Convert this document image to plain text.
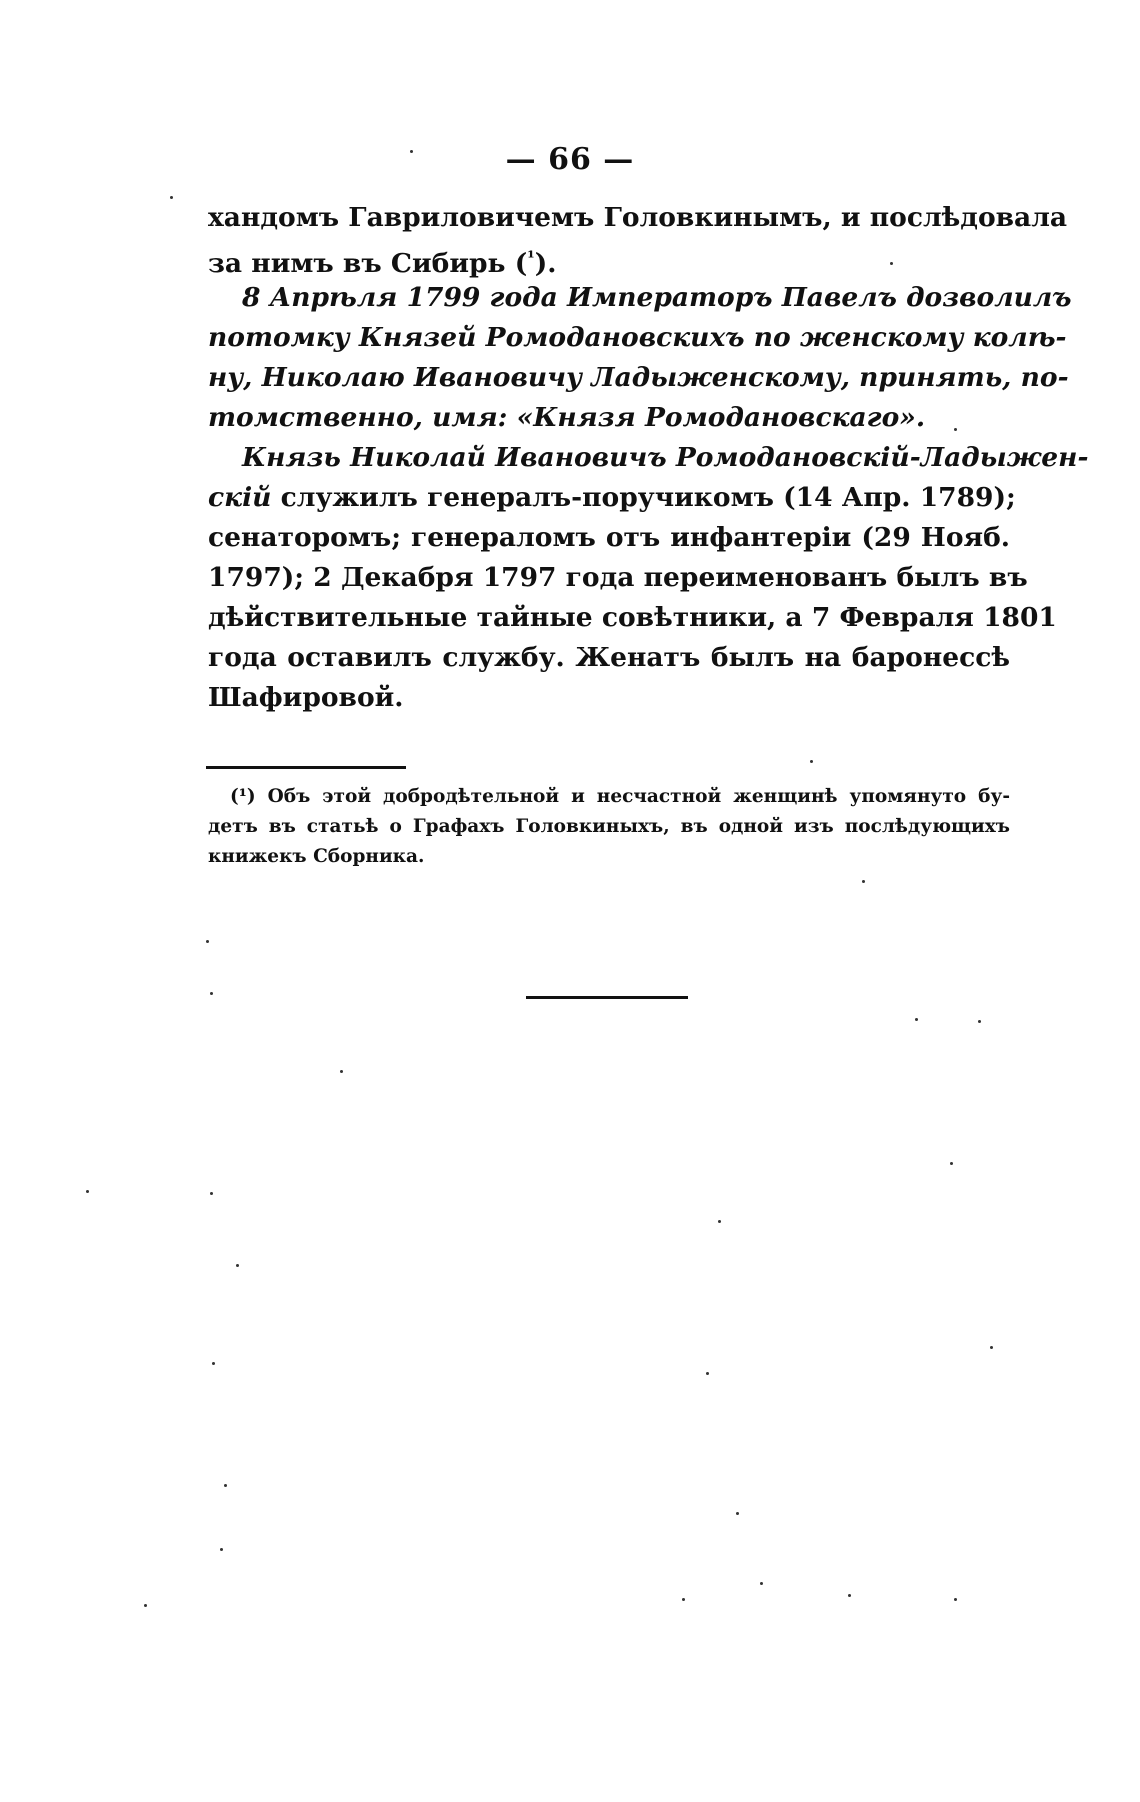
— 66 —
хандомъ Гавриловичемъ Головкинымъ, и послѣдовала
за нимъ въ Сибирь ($^{^1}$).
8 Апрѣля 1799 года Императоръ Павелъ дозволилъ
потомку Князей Ромодановскихъ по женскому колѣ-
ну, Николаю Ивановичу Ладыженскому, принять, по-
томственно, имя: «Князя Ромодановскаго».
Князь Николай Ивановичъ Ромодановскій-Ладыжен-
скій служилъ генералъ-поручикомъ (14 Апр. 1789);
сенаторомъ; генераломъ отъ инфантеріи (29 Нояб.
1797); 2 Декабря 1797 года переименованъ былъ въ
дѣйствительные тайные совѣтники, а 7 Февраля 1801
года оставилъ службу. Женатъ былъ на баронессѣ
Шафировой.
(¹) Объ этой добродѣтельной и несчастной женщинѣ упомянуто бу-
детъ въ статьѣ о Графахъ Головкиныхъ, въ одной изъ послѣдующихъ
книжекъ Сборника.
